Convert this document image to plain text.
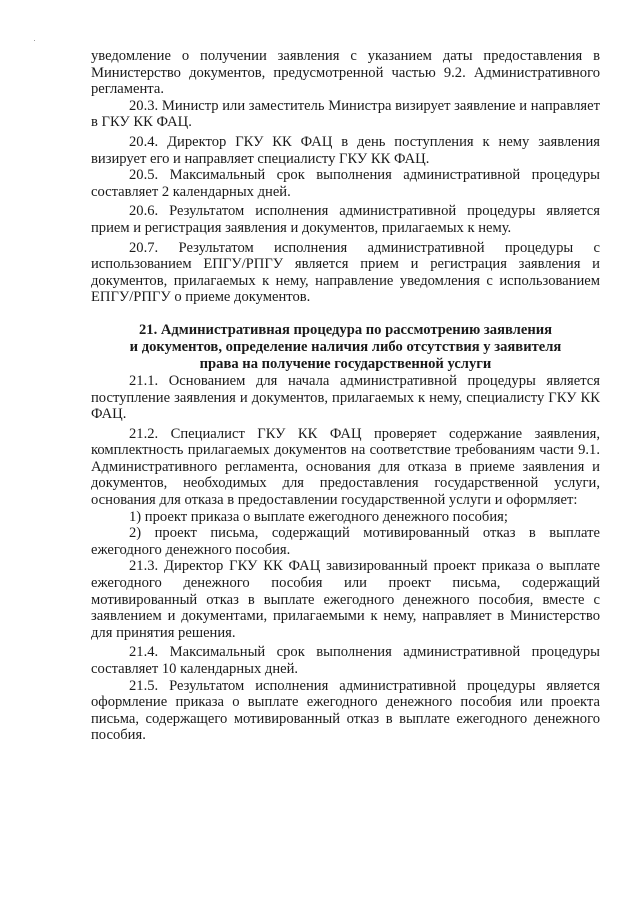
уведомление о получении заявления с указанием даты предоставления в Министерство документов, предусмотренной частью 9.2. Административного регламента.

20.3. Министр или заместитель Министра визирует заявление и направляет в ГКУ КК ФАЦ.

20.4. Директор ГКУ КК ФАЦ в день поступления к нему заявления визирует его и направляет специалисту ГКУ КК ФАЦ.

20.5. Максимальный срок выполнения административной процедуры составляет 2 календарных дней.

20.6. Результатом исполнения административной процедуры является прием и регистрация заявления и документов, прилагаемых к нему.

20.7. Результатом исполнения административной процедуры с использованием ЕПГУ/РПГУ является прием и регистрация заявления и документов, прилагаемых к нему, направление уведомления с использованием ЕПГУ/РПГУ о приеме документов.

21. Административная процедура по рассмотрению заявления
и документов, определение наличия либо отсутствия у заявителя
права на получение государственной услуги

21.1. Основанием для начала административной процедуры является поступление заявления и документов, прилагаемых к нему, специалисту ГКУ КК ФАЦ.

21.2. Специалист ГКУ КК ФАЦ проверяет содержание заявления, комплектность прилагаемых документов на соответствие требованиям части 9.1. Административного регламента, основания для отказа в приеме заявления и документов, необходимых для предоставления государственной услуги, основания для отказа в предоставлении государственной услуги и оформляет:

1) проект приказа о выплате ежегодного денежного пособия;

2) проект письма, содержащий мотивированный отказ в выплате ежегодного денежного пособия.

21.3. Директор ГКУ КК ФАЦ завизированный проект приказа о выплате ежегодного денежного пособия или проект письма, содержащий мотивированный отказ в выплате ежегодного денежного пособия, вместе с заявлением и документами, прилагаемыми к нему, направляет в Министерство для принятия решения.

21.4. Максимальный срок выполнения административной процедуры составляет 10 календарных дней.

21.5. Результатом исполнения административной процедуры является оформление приказа о выплате ежегодного денежного пособия или проекта письма, содержащего мотивированный отказ в выплате ежегодного денежного пособия.
